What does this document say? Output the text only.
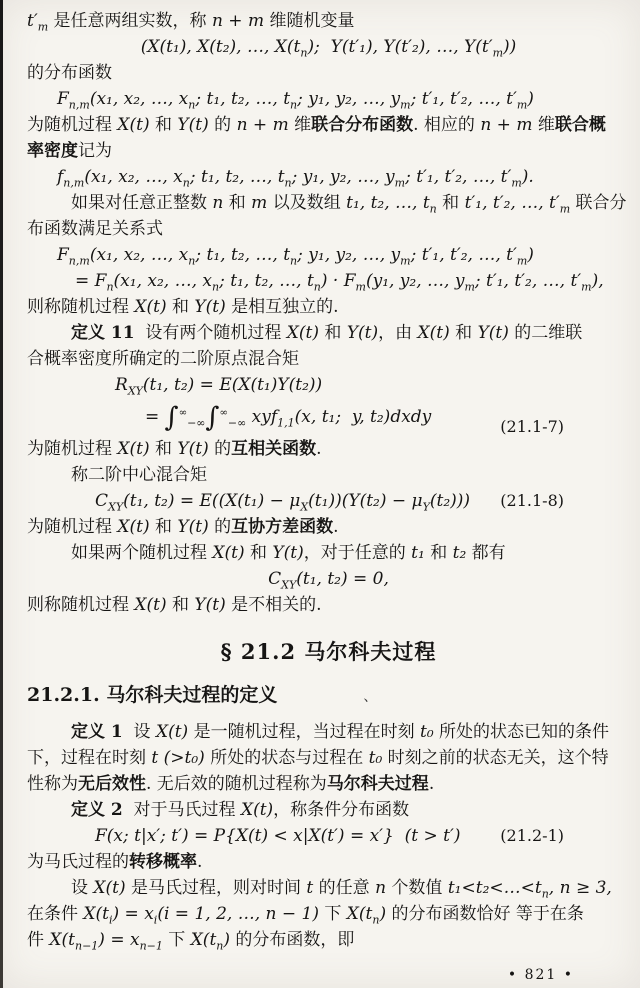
$t'_m$ 是任意两组实数，称 n + m 维随机变量
(X(t₁), X(t₂), …, $X(t_n)$;  Y(t′₁), Y(t′₂), …, $Y(t'_m)$)
的分布函数
$F_{n,m}(x_1$, x₂, …, $x_n$; t₁, t₂, …, $t_n$; y₁, y₂, …, $y_m$; t′₁, t′₂, …, $t'_m$)
为随机过程 X(t) 和 Y(t) 的 n + m 维联合分布函数. 相应的 n + m 维联合概
率密度记为
$f_{n,m}(x_1$, x₂, …, $x_n$; t₁, t₂, …, $t_n$; y₁, y₂, …, $y_m$; t′₁, t′₂, …, $t'_m$).
如果对任意正整数 n 和 m 以及数组 t₁, t₂, …, $t_n$ 和 t′₁, t′₂, …, $t'_m$ 联合分
布函数满足关系式
$F_{n,m}(x_1$, x₂, …, $x_n$; t₁, t₂, …, $t_n$; y₁, y₂, …, $y_m$; t′₁, t′₂, …, $t'_m$)
= $F_n(x_1$, x₂, …, $x_n$; t₁, t₂, …, $t_n) \cdot F_m(y_1$, y₂, …, $y_m$; t′₁, t′₂, …, $t'_m$),
则称随机过程 X(t) 和 Y(t) 是相互独立的.
定义 11  设有两个随机过程 X(t) 和 Y(t)，由 X(t) 和 Y(t) 的二维联
合概率密度所确定的二阶原点混合矩
$R_{XY}(t_1$, t₂) = E(X(t₁)Y(t₂))
= $\int^\infty_{-\infty}\int^\infty_{-\infty}$ xyf$_{1,1}$(x, t₁;  y, t₂)dxdy	(21.1-7)
为随机过程 X(t) 和 Y(t) 的互相关函数.
称二阶中心混合矩
$C_{XY}(t_1$, $t_2) = E((X(t_1) - \mu_X(t_1))(Y(t_2) - \mu_Y(t_2)))$ (21.1-8)
为随机过程 X(t) 和 Y(t) 的互协方差函数.
如果两个随机过程 X(t) 和 Y(t)，对于任意的 t₁ 和 t₂ 都有
$C_{XY}(t_1$, t₂) = 0,
则称随机过程 X(t) 和 Y(t) 是不相关的.
§ 21.2 马尔科夫过程
21.2.1. 马尔科夫过程的定义	、
定义 1  设 X(t) 是一随机过程，当过程在时刻 t₀ 所处的状态已知的条件
下，过程在时刻 t (>t₀) 所处的状态与过程在 t₀ 时刻之前的状态无关，这个特
性称为无后效性. 无后效的随机过程称为马尔科夫过程.
定义 2  对于马氏过程 X(t)，称条件分布函数
F(x; t|x′; t′) = P{X(t) < x|X(t′) = x′}  (t > t′) (21.2-1)
为马氏过程的转移概率.
设 X(t) 是马氏过程，则对时间 t 的任意 n 个数值 $t_1<t_2<\dots<t_n$, n ≥ 3,
在条件 $X(t_i) = x_i(i = 1$, 2, …, n − 1) 下 $X(t_n)$ 的分布函数恰好 等于在条
件 $X(t_{n-1}) = x_{n-1}$ 下 $X(t_n)$ 的分布函数，即
• 821 •
